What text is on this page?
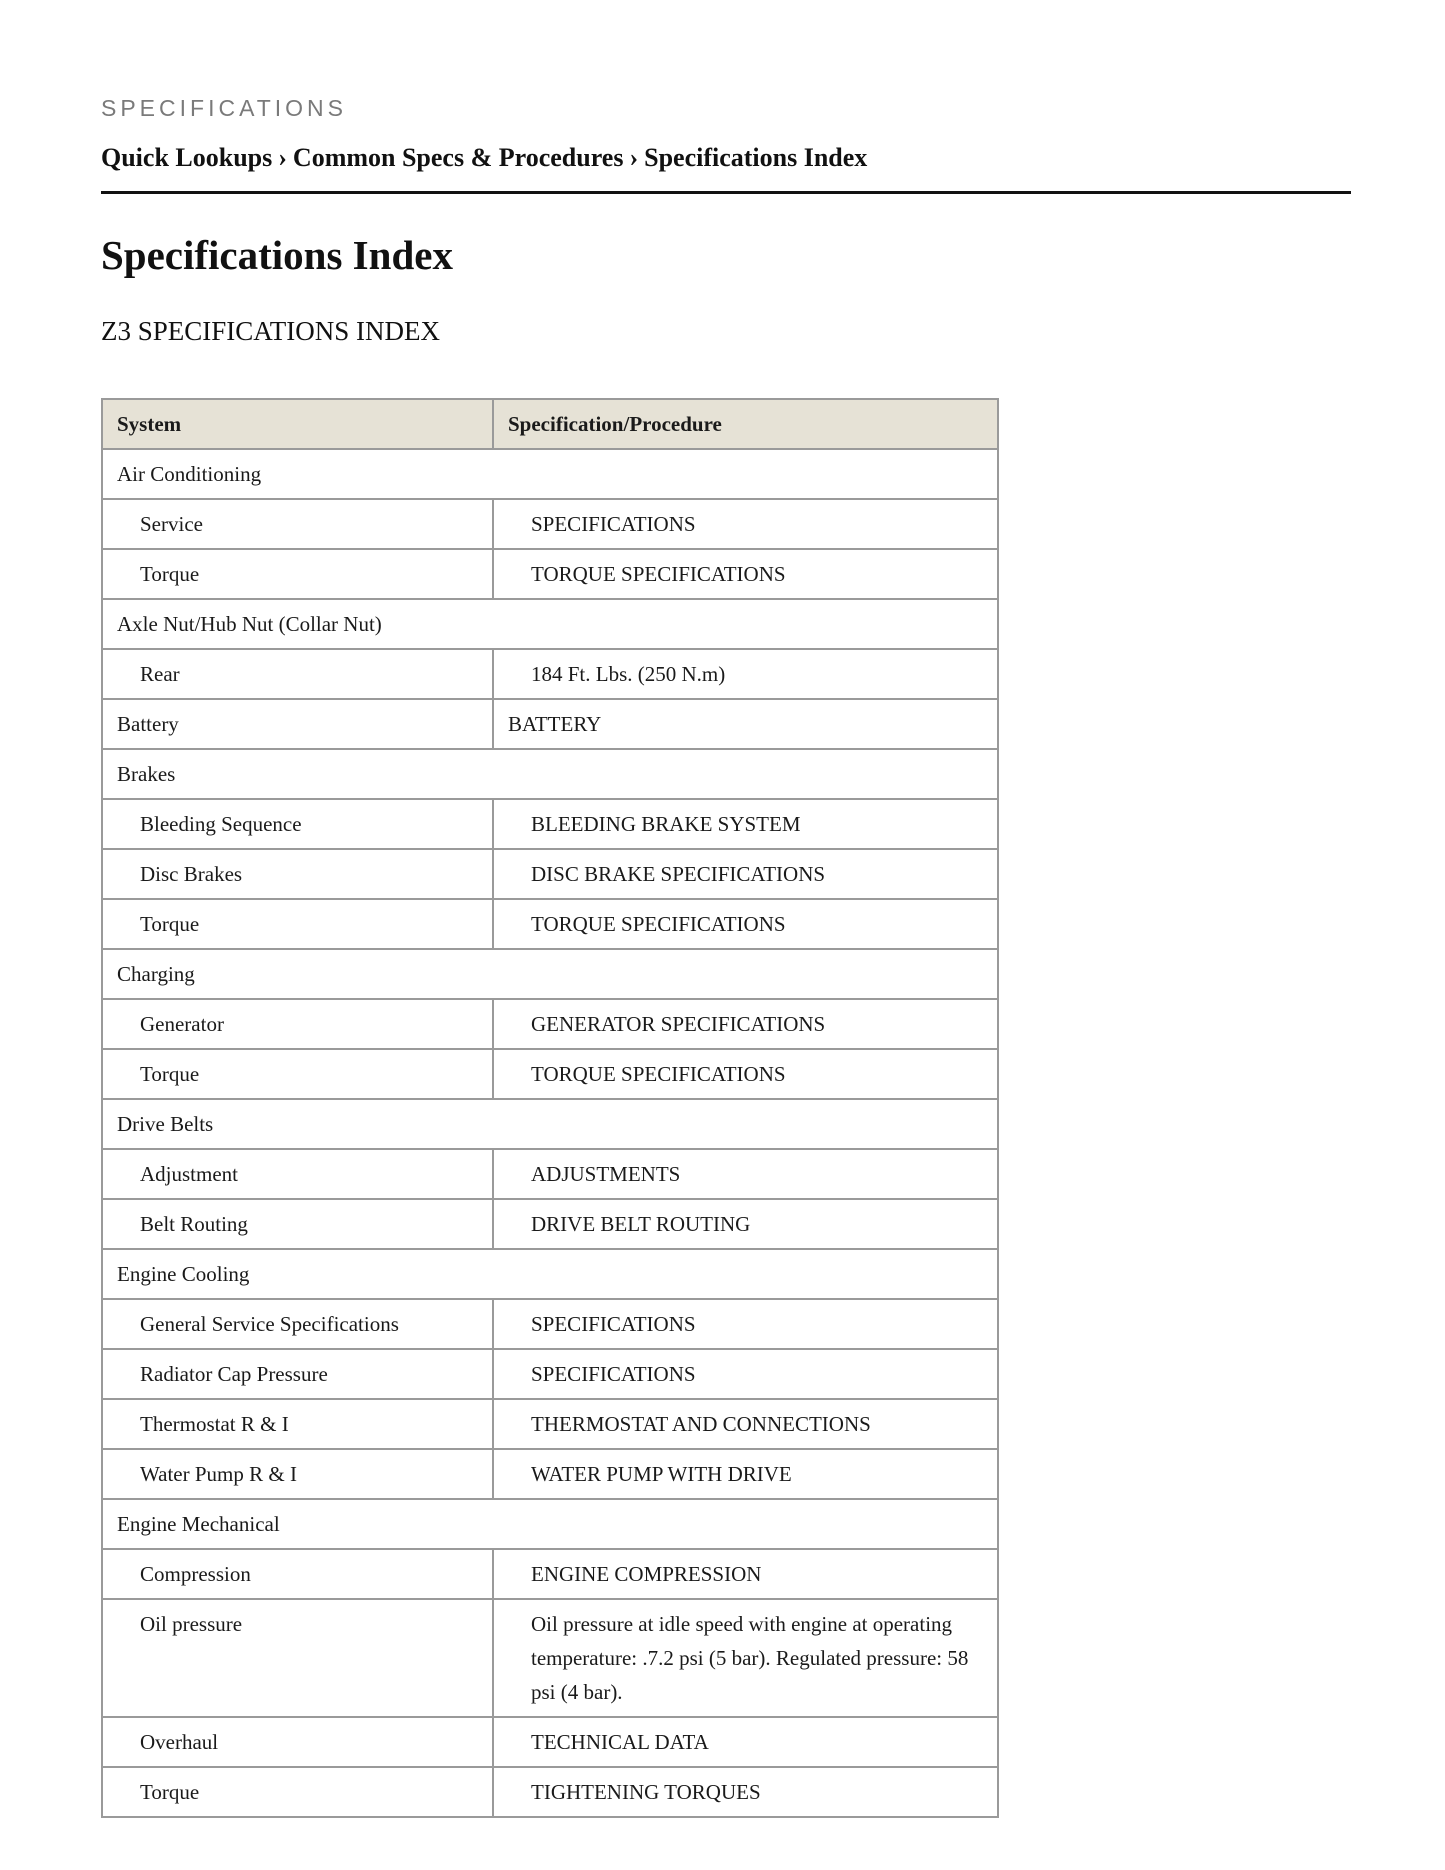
SPECIFICATIONS
Quick Lookups › Common Specs & Procedures › Specifications Index
Specifications Index
Z3 SPECIFICATIONS INDEX
System	Specification/Procedure
Air Conditioning	
Service	SPECIFICATIONS
Torque	TORQUE SPECIFICATIONS
Axle Nut/Hub Nut (Collar Nut)	
Rear	184 Ft. Lbs. (250 N.m)
Battery	BATTERY
Brakes	
Bleeding Sequence	BLEEDING BRAKE SYSTEM
Disc Brakes	DISC BRAKE SPECIFICATIONS
Torque	TORQUE SPECIFICATIONS
Charging	
Generator	GENERATOR SPECIFICATIONS
Torque	TORQUE SPECIFICATIONS
Drive Belts	
Adjustment	ADJUSTMENTS
Belt Routing	DRIVE BELT ROUTING
Engine Cooling	
General Service Specifications	SPECIFICATIONS
Radiator Cap Pressure	SPECIFICATIONS
Thermostat R & I	THERMOSTAT AND CONNECTIONS
Water Pump R & I	WATER PUMP WITH DRIVE
Engine Mechanical	
Compression	ENGINE COMPRESSION
Oil pressure	Oil pressure at idle speed with engine at operating temperature: .7.2 psi (5 bar). Regulated pressure: 58 psi (4 bar).
Overhaul	TECHNICAL DATA
Torque	TIGHTENING TORQUES
